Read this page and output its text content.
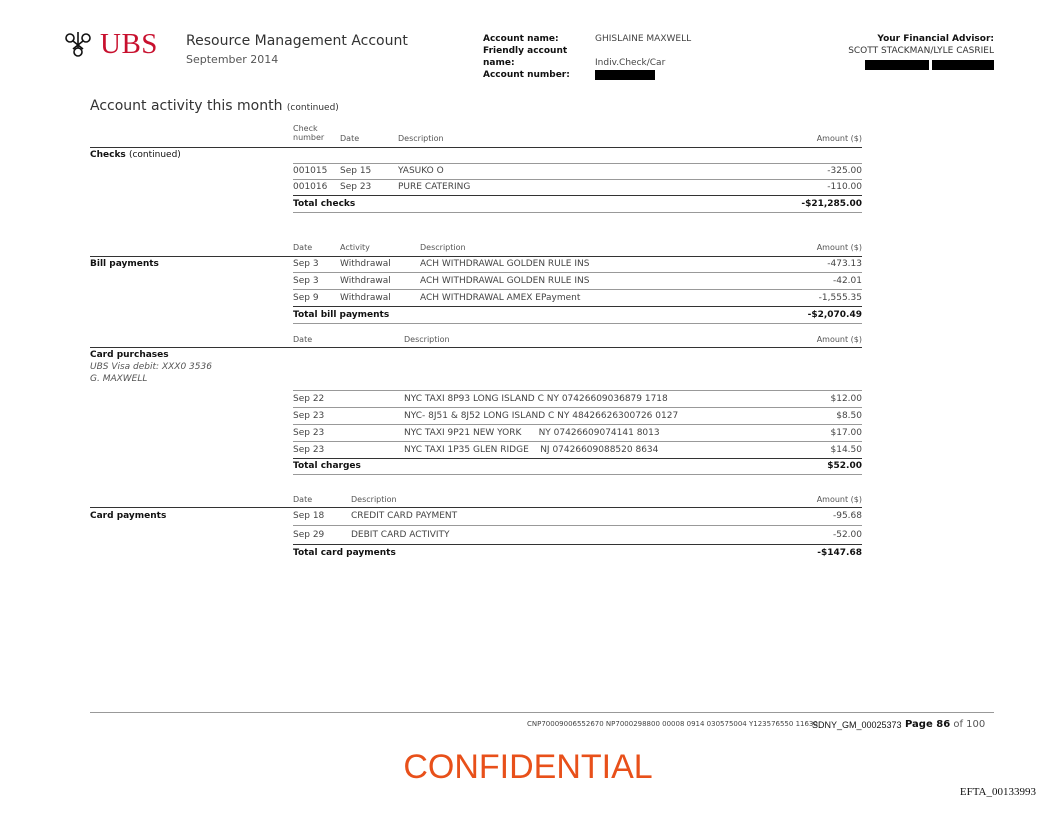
UBS Resource Management Account
September 2014
Account name:	GHISLAINE MAXWELL
Friendly account name:	Indiv.Check/Car
Account number:
Your Financial Advisor:
SCOTT STACKMAN/LYLE CASRIEL

Account activity this month (continued)
Check
number Date	Description	Amount ($)
Checks (continued)
001015 Sep 15	YASUKO O	-325.00
001016 Sep 23	PURE CATERING	-110.00
Total checks	-$21,285.00
Date	Activity	Description	Amount ($)
Bill payments	Sep 3 Withdrawal	ACH WITHDRAWAL GOLDEN RULE INS	-473.13
Sep 3 Withdrawal	ACH WITHDRAWAL GOLDEN RULE INS	-42.01
Sep 9 Withdrawal	ACH WITHDRAWAL AMEX EPayment	-1,555.35
Total bill payments	-$2,070.49
Date	Description	Amount ($)
Card purchases
UBS Visa debit: XXX0 3536
G. MAXWELL
Sep 22	NYC TAXI 8P93 LONG ISLAND C NY 07426609036879 1718	$12.00
Sep 23	NYC- 8J51 & 8J52 LONG ISLAND C NY 48426626300726 0127	$8.50
Sep 23	NYC TAXI 9P21 NEW YORK      NY 07426609074141 8013	$17.00
Sep 23	NYC TAXI 1P35 GLEN RIDGE    NJ 07426609088520 8634	$14.50
Total charges	$52.00
Date	Description	Amount ($)
Card payments	Sep 18	CREDIT CARD PAYMENT	-95.68
Sep 29	DEBIT CARD ACTIVITY	-52.00
Total card payments	-$147.68
CNP70009006552670 NP7000298800 00008 0914 030575004 Y123576550 11630
SDNY_GM_00025373 Page 86 of 100
CONFIDENTIAL
EFTA_00133993
